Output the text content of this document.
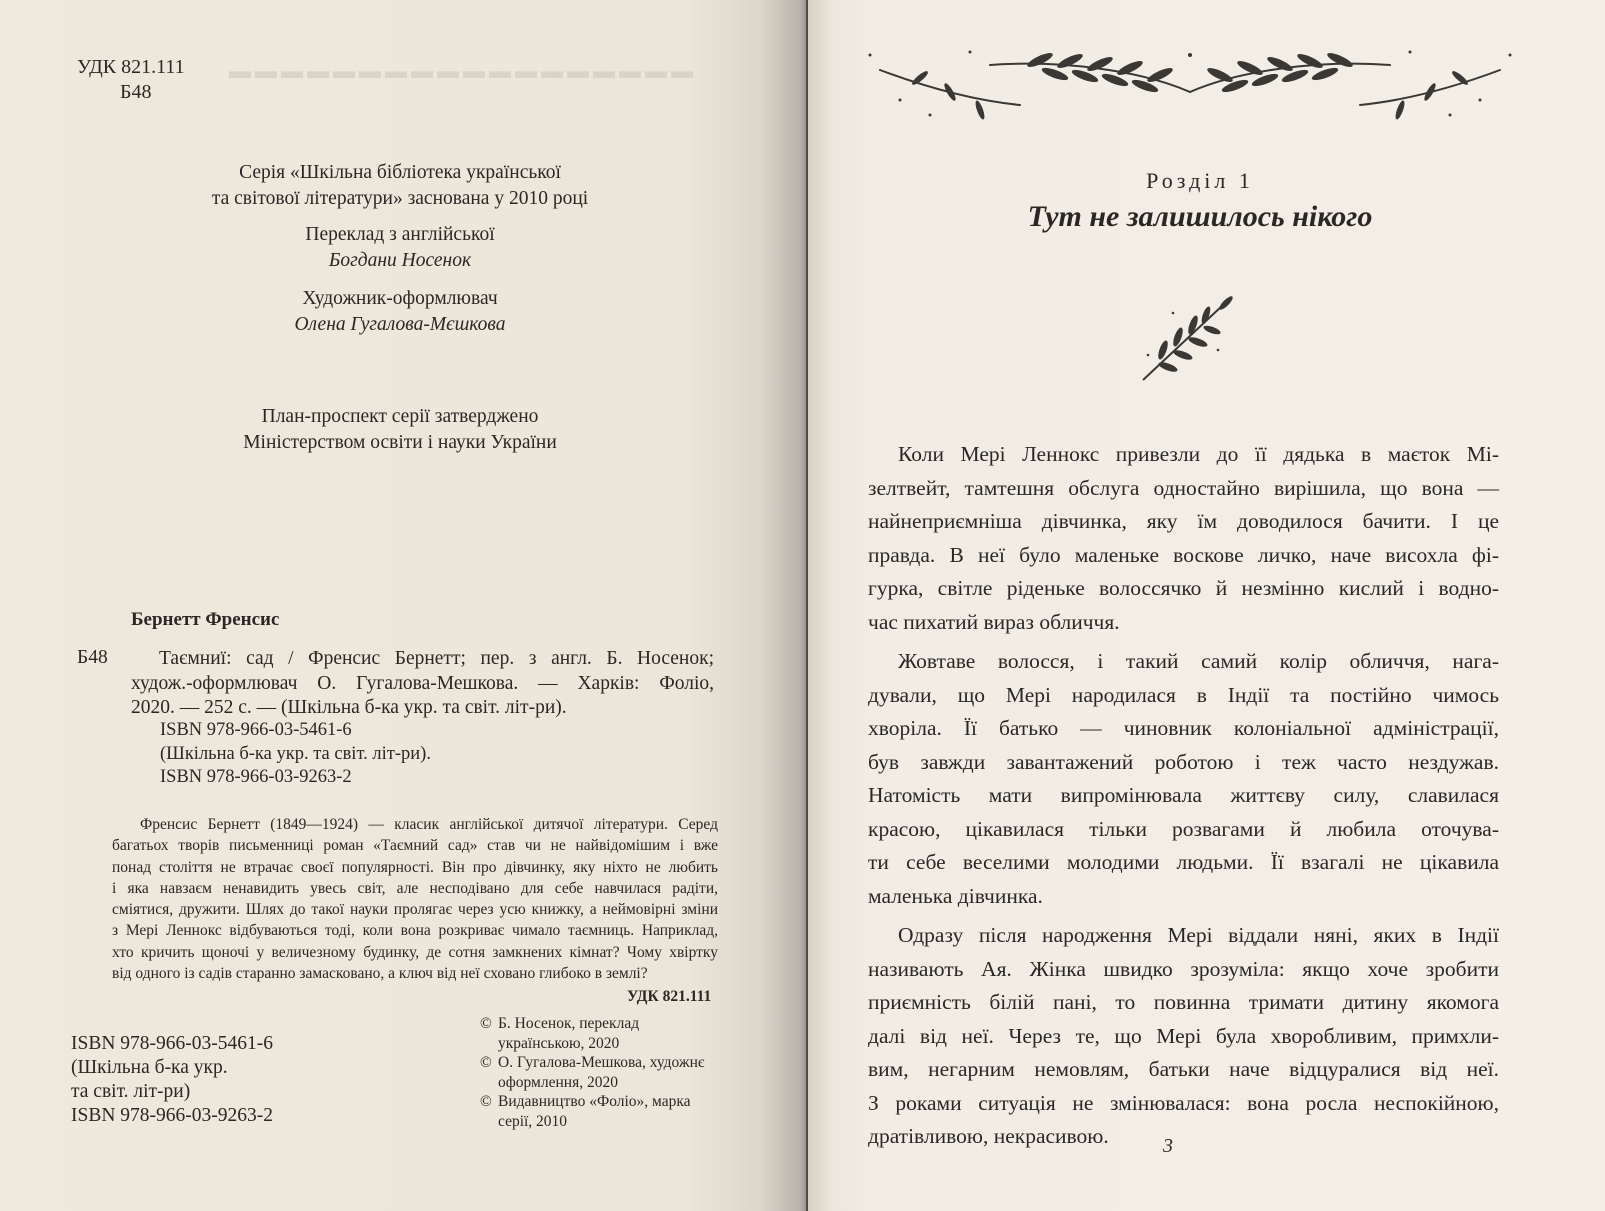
▬▬▬▬▬▬▬▬▬▬▬▬▬▬▬▬▬▬
УДК 821.111
Б48
Серія «Шкільна бібліотека української
та світової літератури» заснована у 2010 році
Переклад з англійської
Богдани Носенок
Художник-оформлювач
Олена Гугалова-Мєшкова
План-проспект серії затверджено
Міністерством освіти і науки України
Бернетт Френсис
Б48	Таємниї: сад / Френсис Бернетт; пер. з англ. Б. Носенок;

худож.-оформлювач О. Гугалова-Мешкова. — Харків: Фоліо,

2020. — 252 с. — (Шкільна б-ка укр. та світ. літ-ри).

ISBN 978-966-03-5461-6
(Шкільна б-ка укр. та світ. літ-ри).
ISBN 978-966-03-9263-2
Френсис Бернетт (1849—1924) — класик англійської дитячої літератури. Серед
багатьох творів письменниці роман «Таємний сад» став чи не найвідомішим і вже
понад століття не втрачає своєї популярності. Він про дівчинку, яку ніхто не любить
і яка навзаєм ненавидить увесь світ, але несподівано для себе навчилася радіти,
сміятися, дружити. Шлях до такої науки пролягає через усю книжку, а неймовірні зміни
з Мері Леннокс відбуваються тоді, коли вона розкриває чимало таємниць. Наприклад,
хто кричить щоночі у величезному будинку, де сотня замкнених кімнат? Чому хвіртку
від одного із садів старанно замасковано, а ключ від неї сховано глибоко в землі?
УДК 821.111
ISBN 978-966-03-5461-6
(Шкільна б-ка укр.
та світ. літ-ри)
ISBN 978-966-03-9263-2
© Б. Носенок, переклад
українською, 2020
© О. Гугалова-Мешкова, художнє
оформлення, 2020
© Видавництво «Фоліо», марка
серії, 2010
Розділ 1
Тут не залишилось нікого
Коли Мері Леннокс привезли до її дядька в маєток Мі-
зелтвейт, тамтешня обслуга одностайно вирішила, що вона —
найнеприємніша дівчинка, яку їм доводилося бачити. І це
правда. В неї було маленьке воскове личко, наче висохла фі-
гурка, світле ріденьке волоссячко й незмінно кислий і водно-
час пихатий вираз обличчя.
Жовтаве волосся, і такий самий колір обличчя, нага-
дували, що Мері народилася в Індії та постійно чимось
хворіла. Її батько — чиновник колоніальної адміністрації,
був завжди завантажений роботою і теж часто нездужав.
Натомість мати випромінювала життєву силу, славилася
красою, цікавилася тільки розвагами й любила оточува-
ти себе веселими молодими людьми. Її взагалі не цікавила
маленька дівчинка.
Одразу після народження Мері віддали няні, яких в Індії
називають Ая. Жінка швидко зрозуміла: якщо хоче зробити
приємність білій пані, то повинна тримати дитину якомога
далі від неї. Через те, що Мері була хворобливим, примхли-
вим, негарним немовлям, батьки наче відцуралися від неї.
З роками ситуація не змінювалася: вона росла неспокійною,
дратівливою, некрасивою.	3
